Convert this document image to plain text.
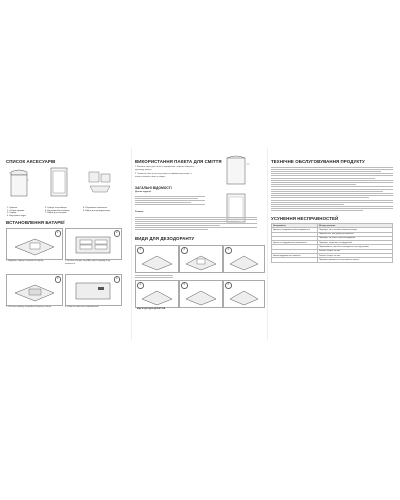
СПИСОК АКСЕСУАРІВ
1. Кришка
2. Обідок кришки
3. Корпус
4. Внутрішнє відро
5. Корпус контейнера
6. Внутрішній контейнер
7. Відсік для батарей
8. Перемикач живлення
9. Відсік для дезодоратора
ВСТАНОВЛЕННЯ БАТАРЕЇ
1	2
1. Відкрийте кришку батарейного відсіку.	2. Вставте батареї типу АА у відсік відповідно до полярності.
3	4
3. Поставте кришку батарейного відсіку на місце.	4. Увімкніть живлення перемикачем.
ВИКОРИСТАННЯ ПАКЕТА ДЛЯ СМІТТЯ
1. Візьміть пакет для сміття з внутрішньої сторони, поверніть підкладку пакета.
2. Заповніть вільну частину пакета в прийомному отворі, а потім встановіть пакет у корпус.
ЗАГАЛЬНІ ВІДОМОСТІ
Датчик індукції:
Режими:
ВИДИ ДЛЯ ДЕЗОДОРАНТУ
1	2	3
4	5	6
ВІДСІК ДЛЯ ДЕЗОДОРАТОРА
ТЕХНІЧНЕ ОБСЛУГОВУВАННЯ ПРОДУКТУ
УСУНЕННЯ НЕСПРАВНОСТЕЙ
Несправність	Методи усунення
Кришка не відкривається/не закривається	Перевірте, чи не потрібно замінити батареї.
	Перемкніться, щоб увімкнути живлення.
	Перевірте, чи немає сторонніх предметів.
Кришка не відкривається автоматично	Перевірте, чи датчик не забруднений.
	Переконайтеся, що об'єкт знаходиться в зоні дії датчика.
	Замініть батареї на нові.
Кришка відкривається повільно	Замініть батареї на нові.
	Перевірте правильність встановлення пакета.
